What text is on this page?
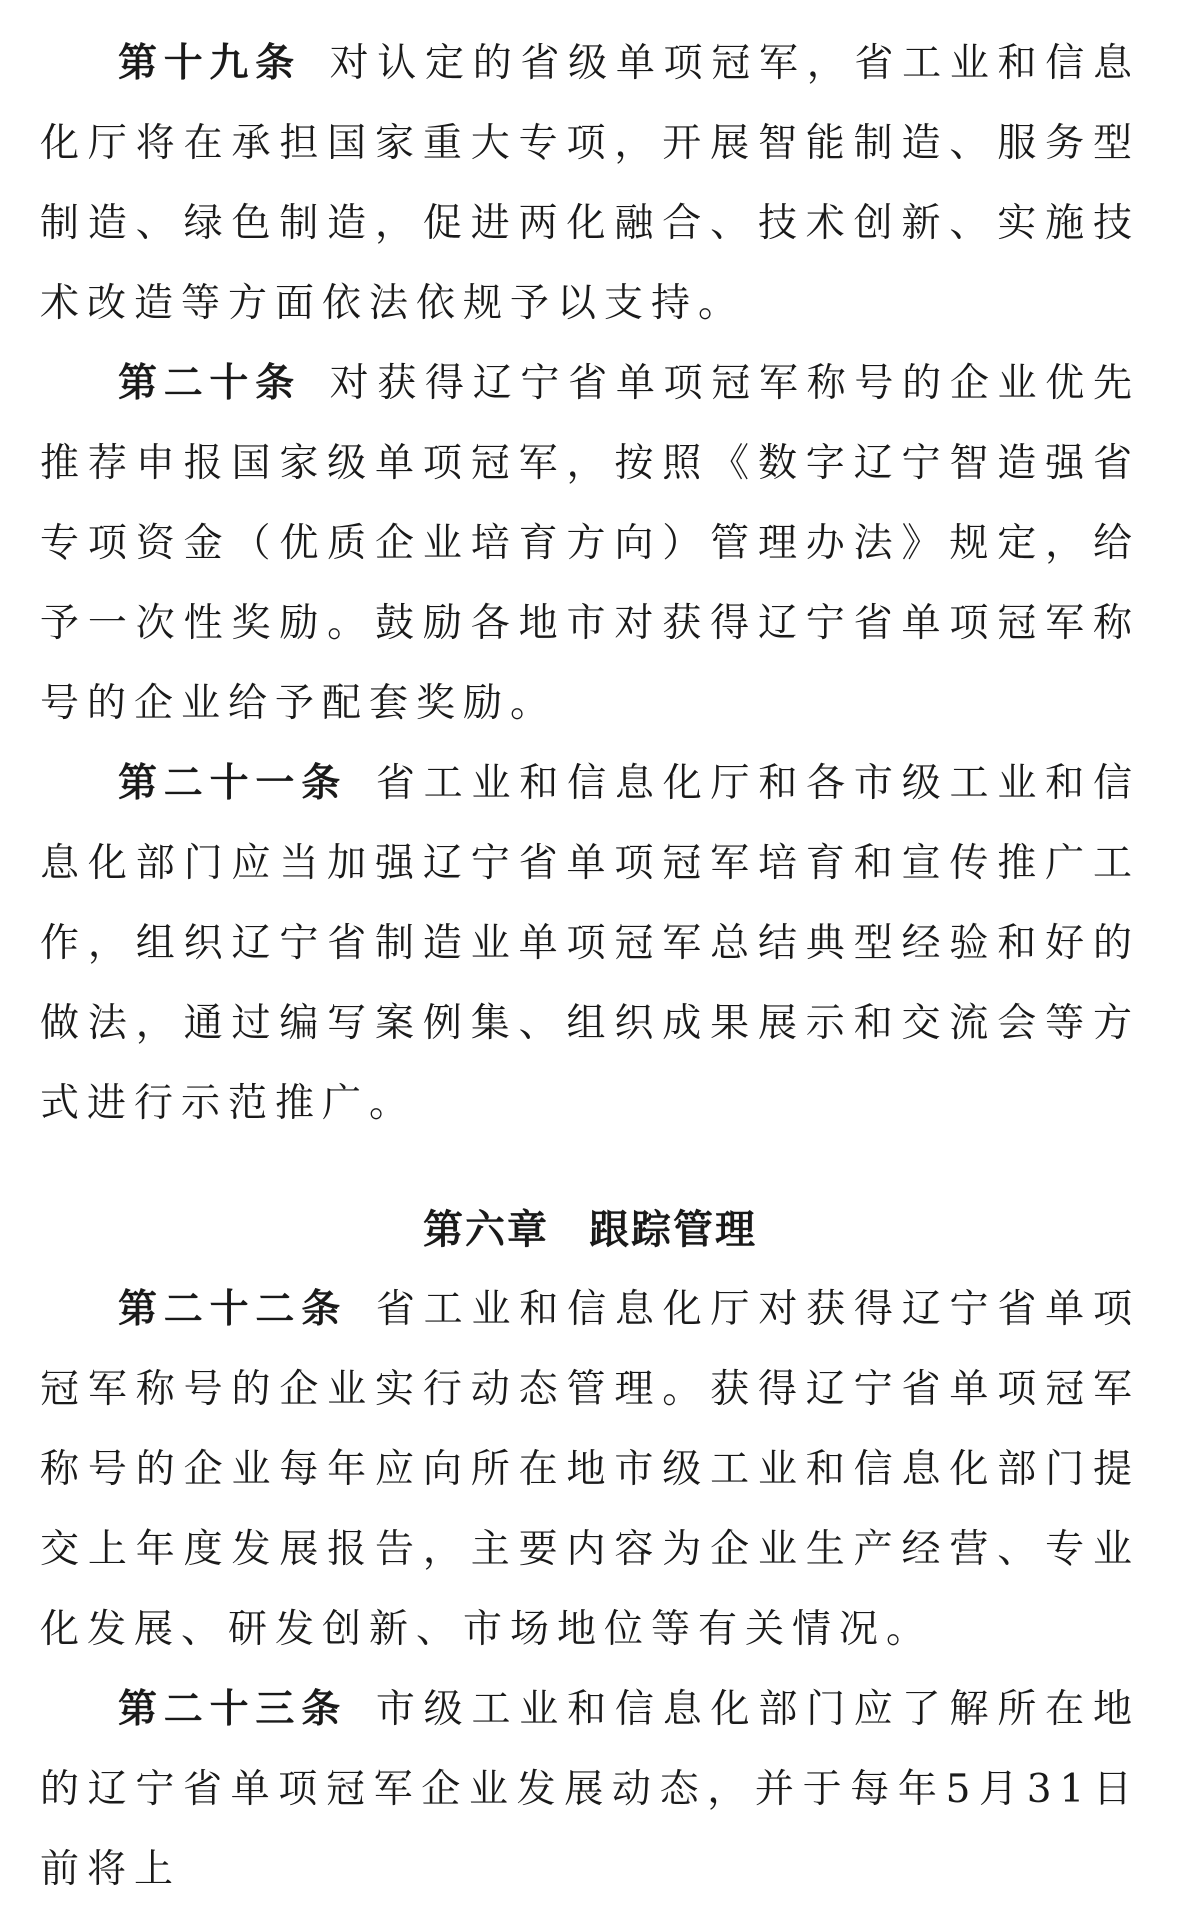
第十九条 对认定的省级单项冠军，省工业和信息化厅将在承担国家重大专项，开展智能制造、服务型制造、绿色制造，促进两化融合、技术创新、实施技术改造等方面依法依规予以支持。

第二十条 对获得辽宁省单项冠军称号的企业优先推荐申报国家级单项冠军，按照《数字辽宁智造强省专项资金（优质企业培育方向）管理办法》规定，给予一次性奖励。鼓励各地市对获得辽宁省单项冠军称号的企业给予配套奖励。

第二十一条 省工业和信息化厅和各市级工业和信息化部门应当加强辽宁省单项冠军培育和宣传推广工作，组织辽宁省制造业单项冠军总结典型经验和好的做法，通过编写案例集、组织成果展示和交流会等方式进行示范推广。

第六章 跟踪管理

第二十二条 省工业和信息化厅对获得辽宁省单项冠军称号的企业实行动态管理。获得辽宁省单项冠军称号的企业每年应向所在地市级工业和信息化部门提交上年度发展报告，主要内容为企业生产经营、专业化发展、研发创新、市场地位等有关情况。

第二十三条 市级工业和信息化部门应了解所在地的辽宁省单项冠军企业发展动态，并于每年5月31日前将上
